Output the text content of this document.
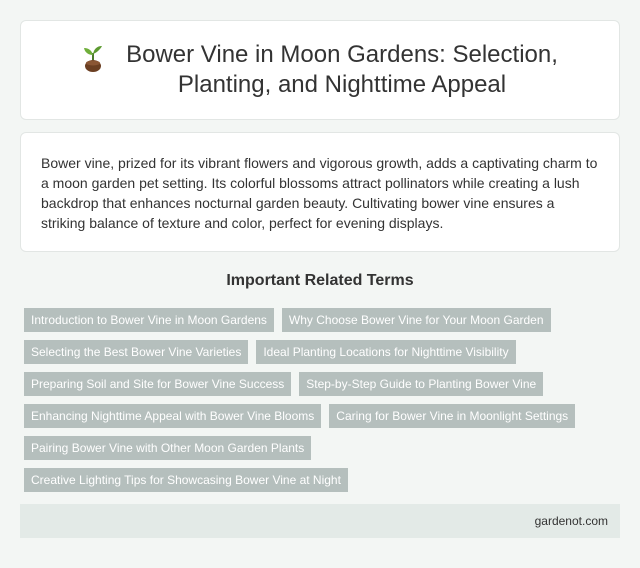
Bower Vine in Moon Gardens: Selection, Planting, and Nighttime Appeal

Bower vine, prized for its vibrant flowers and vigorous growth, adds a captivating charm to a moon garden pet setting. Its colorful blossoms attract pollinators while creating a lush backdrop that enhances nocturnal garden beauty. Cultivating bower vine ensures a striking balance of texture and color, perfect for evening displays.

Important Related Terms
Introduction to Bower Vine in Moon Gardens	Why Choose Bower Vine for Your Moon Garden
Selecting the Best Bower Vine Varieties	Ideal Planting Locations for Nighttime Visibility
Preparing Soil and Site for Bower Vine Success	Step-by-Step Guide to Planting Bower Vine
Enhancing Nighttime Appeal with Bower Vine Blooms	Caring for Bower Vine in Moonlight Settings
Pairing Bower Vine with Other Moon Garden Plants
Creative Lighting Tips for Showcasing Bower Vine at Night
gardenot.com
